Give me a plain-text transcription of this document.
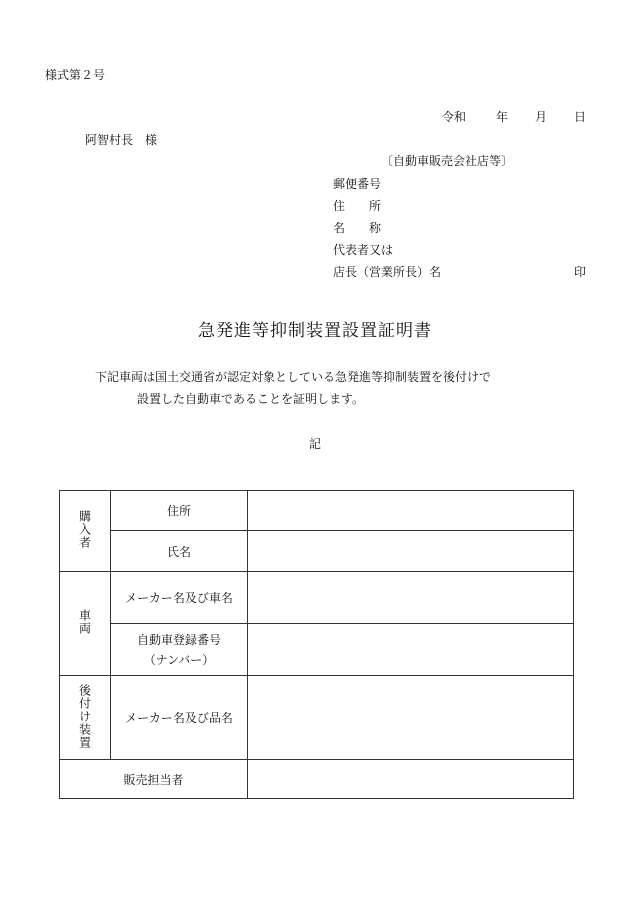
様式第２号
令和	年 月 日
阿智村長　様
〔自動車販売会社店等〕
郵便番号
住　　所
名　　称
代表者又は
店長（営業所長）名	印
急発進等抑制装置設置証明書
下記車両は国土交通省が認定対象としている急発進等抑制装置を後付けで
設置した自動車であることを証明します。
記
購入者	住所	
	氏名	
車両	メーカー名及び車名	

	自動車登録番号
（ナンバー）	

後付け装置	メーカー名及び品名	
販売担当者		
